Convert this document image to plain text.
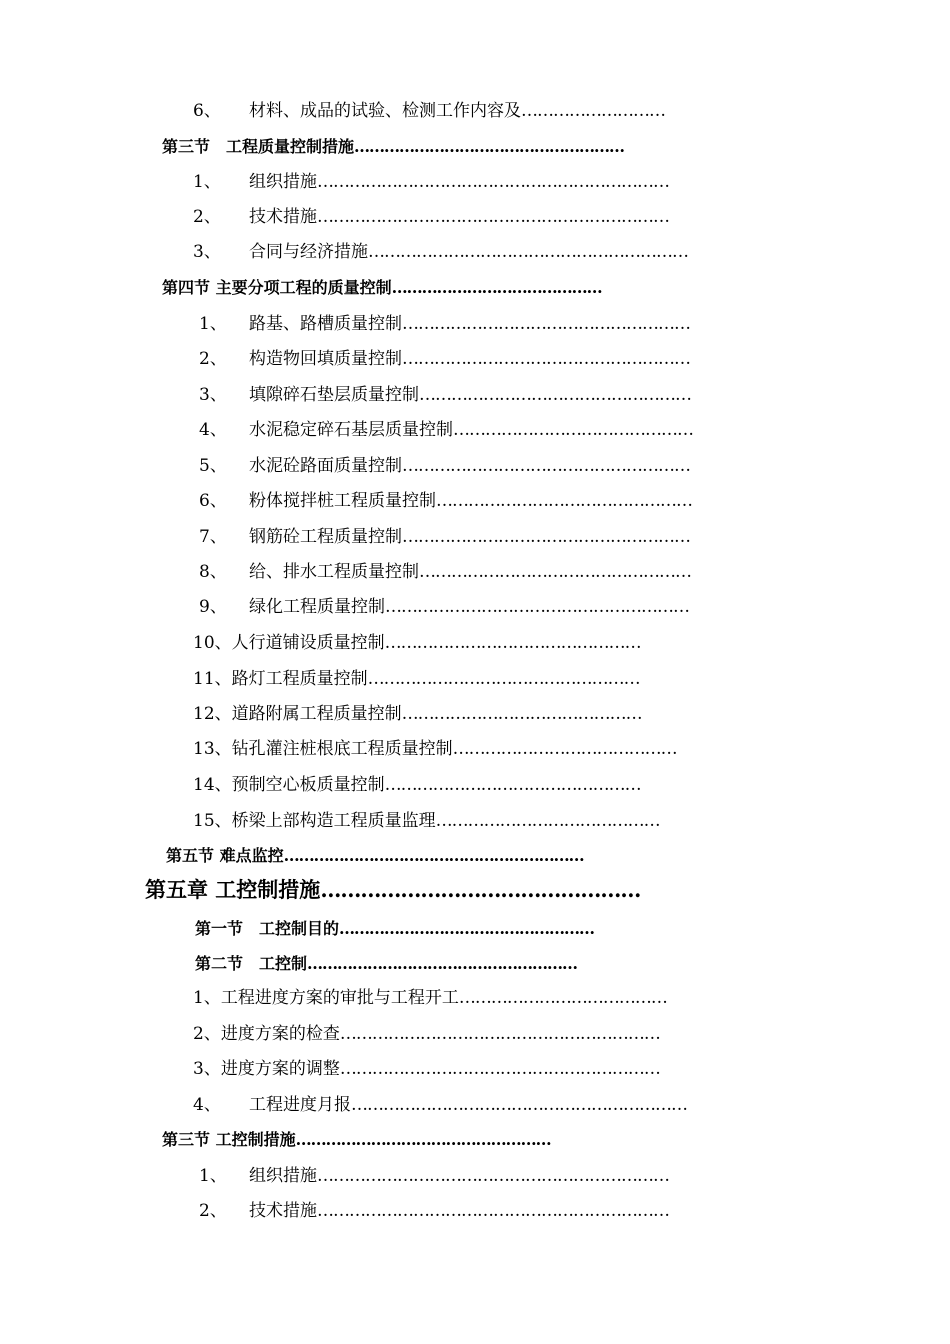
6、 材料、成品的试验、检测工作内容及………………………
第三节　工程质量控制措施………………………………………………
1、 组织措施…………………………………………………………
2、 技术措施…………………………………………………………
3、 合同与经济措施……………………………………………………
第四节 主要分项工程的质量控制……………………………………
1、 路基、路槽质量控制………………………………………………
2、 构造物回填质量控制………………………………………………
3、 填隙碎石垫层质量控制……………………………………………
4、 水泥稳定碎石基层质量控制………………………………………
5、 水泥砼路面质量控制………………………………………………
6、 粉体搅拌桩工程质量控制…………………………………………
7、 钢筋砼工程质量控制………………………………………………
8、 给、排水工程质量控制……………………………………………
9、 绿化工程质量控制…………………………………………………
10、人行道铺设质量控制…………………………………………
11、路灯工程质量控制……………………………………………
12、道路附属工程质量控制………………………………………
13、钻孔灌注桩根底工程质量控制……………………………………
14、预制空心板质量控制…………………………………………
15、桥梁上部构造工程质量监理……………………………………
第五节 难点监控……………………………………………………
第五章 工控制措施…………………………………………
第一节　工控制目的……………………………………………
第二节　工控制………………………………………………
1、工程进度方案的审批与工程开工…………………………………
2、进度方案的检查……………………………………………………
3、进度方案的调整……………………………………………………
4、 工程进度月报………………………………………………………
第三节 工控制措施……………………………………………
1、 组织措施…………………………………………………………
2、 技术措施…………………………………………………………
